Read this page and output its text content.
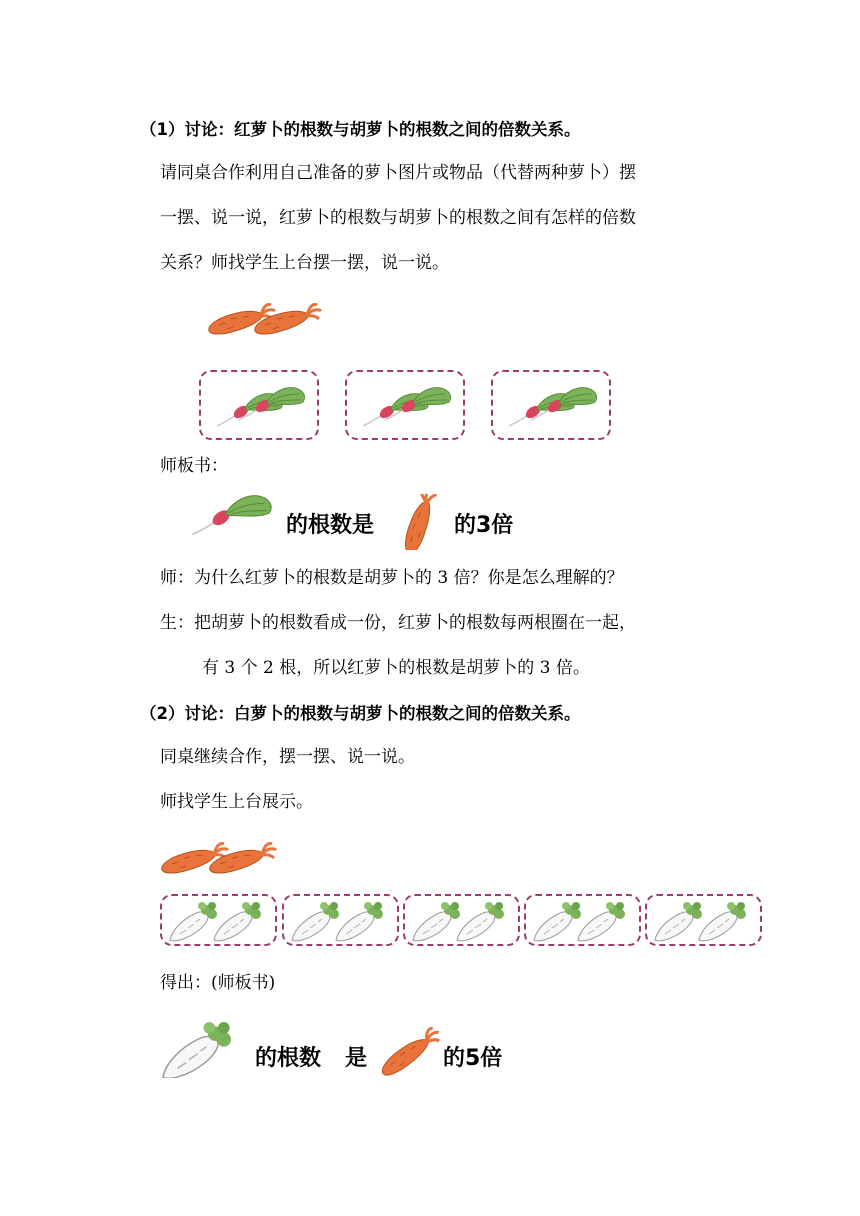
（1）讨论：红萝卜的根数与胡萝卜的根数之间的倍数关系。
请同桌合作利用自己准备的萝卜图片或物品（代替两种萝卜）摆
一摆、说一说，红萝卜的根数与胡萝卜的根数之间有怎样的倍数
关系？师找学生上台摆一摆，说一说。
师板书：
的根数是	的3倍
师：为什么红萝卜的根数是胡萝卜的 3 倍？你是怎么理解的？
生：把胡萝卜的根数看成一份，红萝卜的根数每两根圈在一起，
有 3 个 2 根，所以红萝卜的根数是胡萝卜的 3 倍。
（2）讨论：白萝卜的根数与胡萝卜的根数之间的倍数关系。
同桌继续合作，摆一摆、说一说。
师找学生上台展示。
得出：(师板书)
的根数 是	的5倍
